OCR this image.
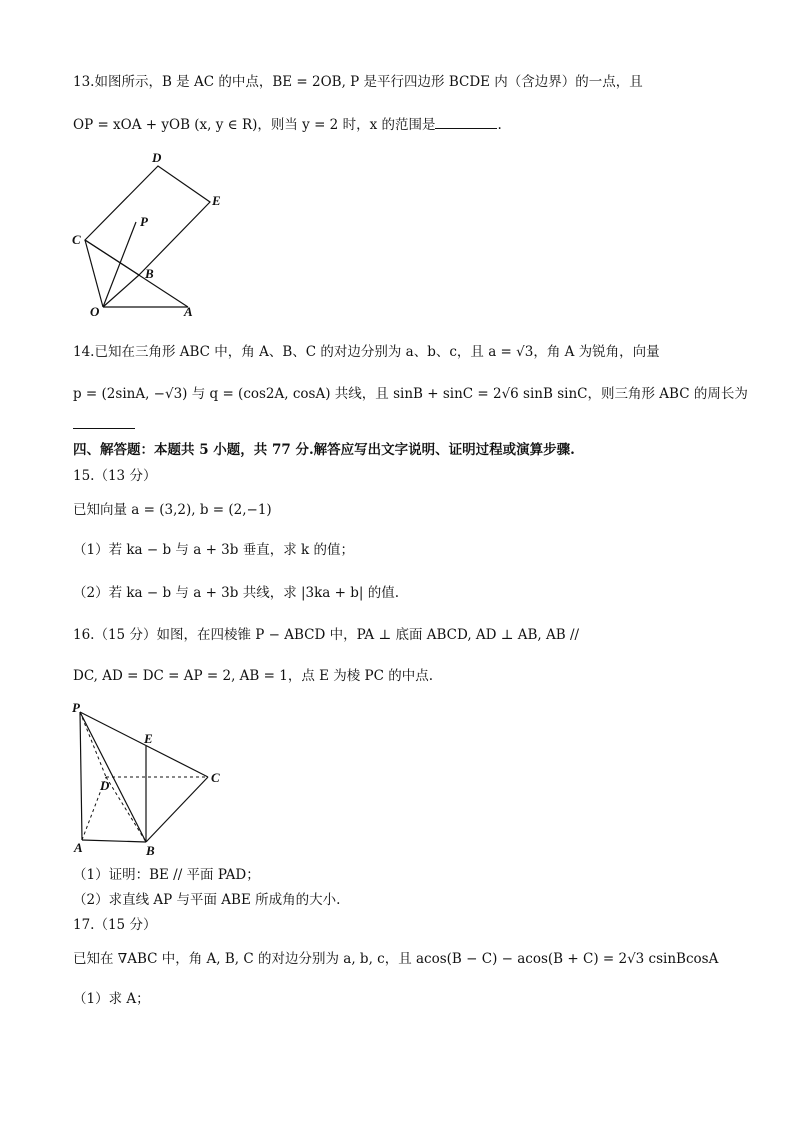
13.如图所示，B 是 AC 的中点，BE = 2OB, P 是平行四边形 BCDE 内（含边界）的一点，且
OP = xOA + yOB (x, y ∈ R)，则当 y = 2 时，x 的范围是	.
D
E
C
P
B
O	A
14.已知在三角形 ABC 中，角 A、B、C 的对边分别为 a、b、c，且 a = √3，角 A 为锐角，向量
p = (2sinA, −√3) 与 q = (cos2A, cosA) 共线，且 sinB + sinC = 2√6 sinB sinC，则三角形 ABC 的周长为
四、解答题：本题共 5 小题，共 77 分.解答应写出文字说明、证明过程或演算步骤.
15.（13 分）
已知向量 a = (3,2), b = (2,−1)
（1）若 ka − b 与 a + 3b 垂直，求 k 的值；
（2）若 ka − b 与 a + 3b 共线，求 |3ka + b| 的值.
16.（15 分）如图，在四棱锥 P − ABCD 中，PA ⊥ 底面 ABCD, AD ⊥ AB, AB //
DC, AD = DC = AP = 2, AB = 1，点 E 为棱 PC 的中点.
P
E
C
D
A	B
（1）证明：BE // 平面 PAD；
（2）求直线 AP 与平面 ABE 所成角的大小.
17.（15 分）
已知在 ∇ABC 中，角 A, B, C 的对边分别为 a, b, c，且 acos(B − C) − acos(B + C) = 2√3 csinBcosA
（1）求 A；
